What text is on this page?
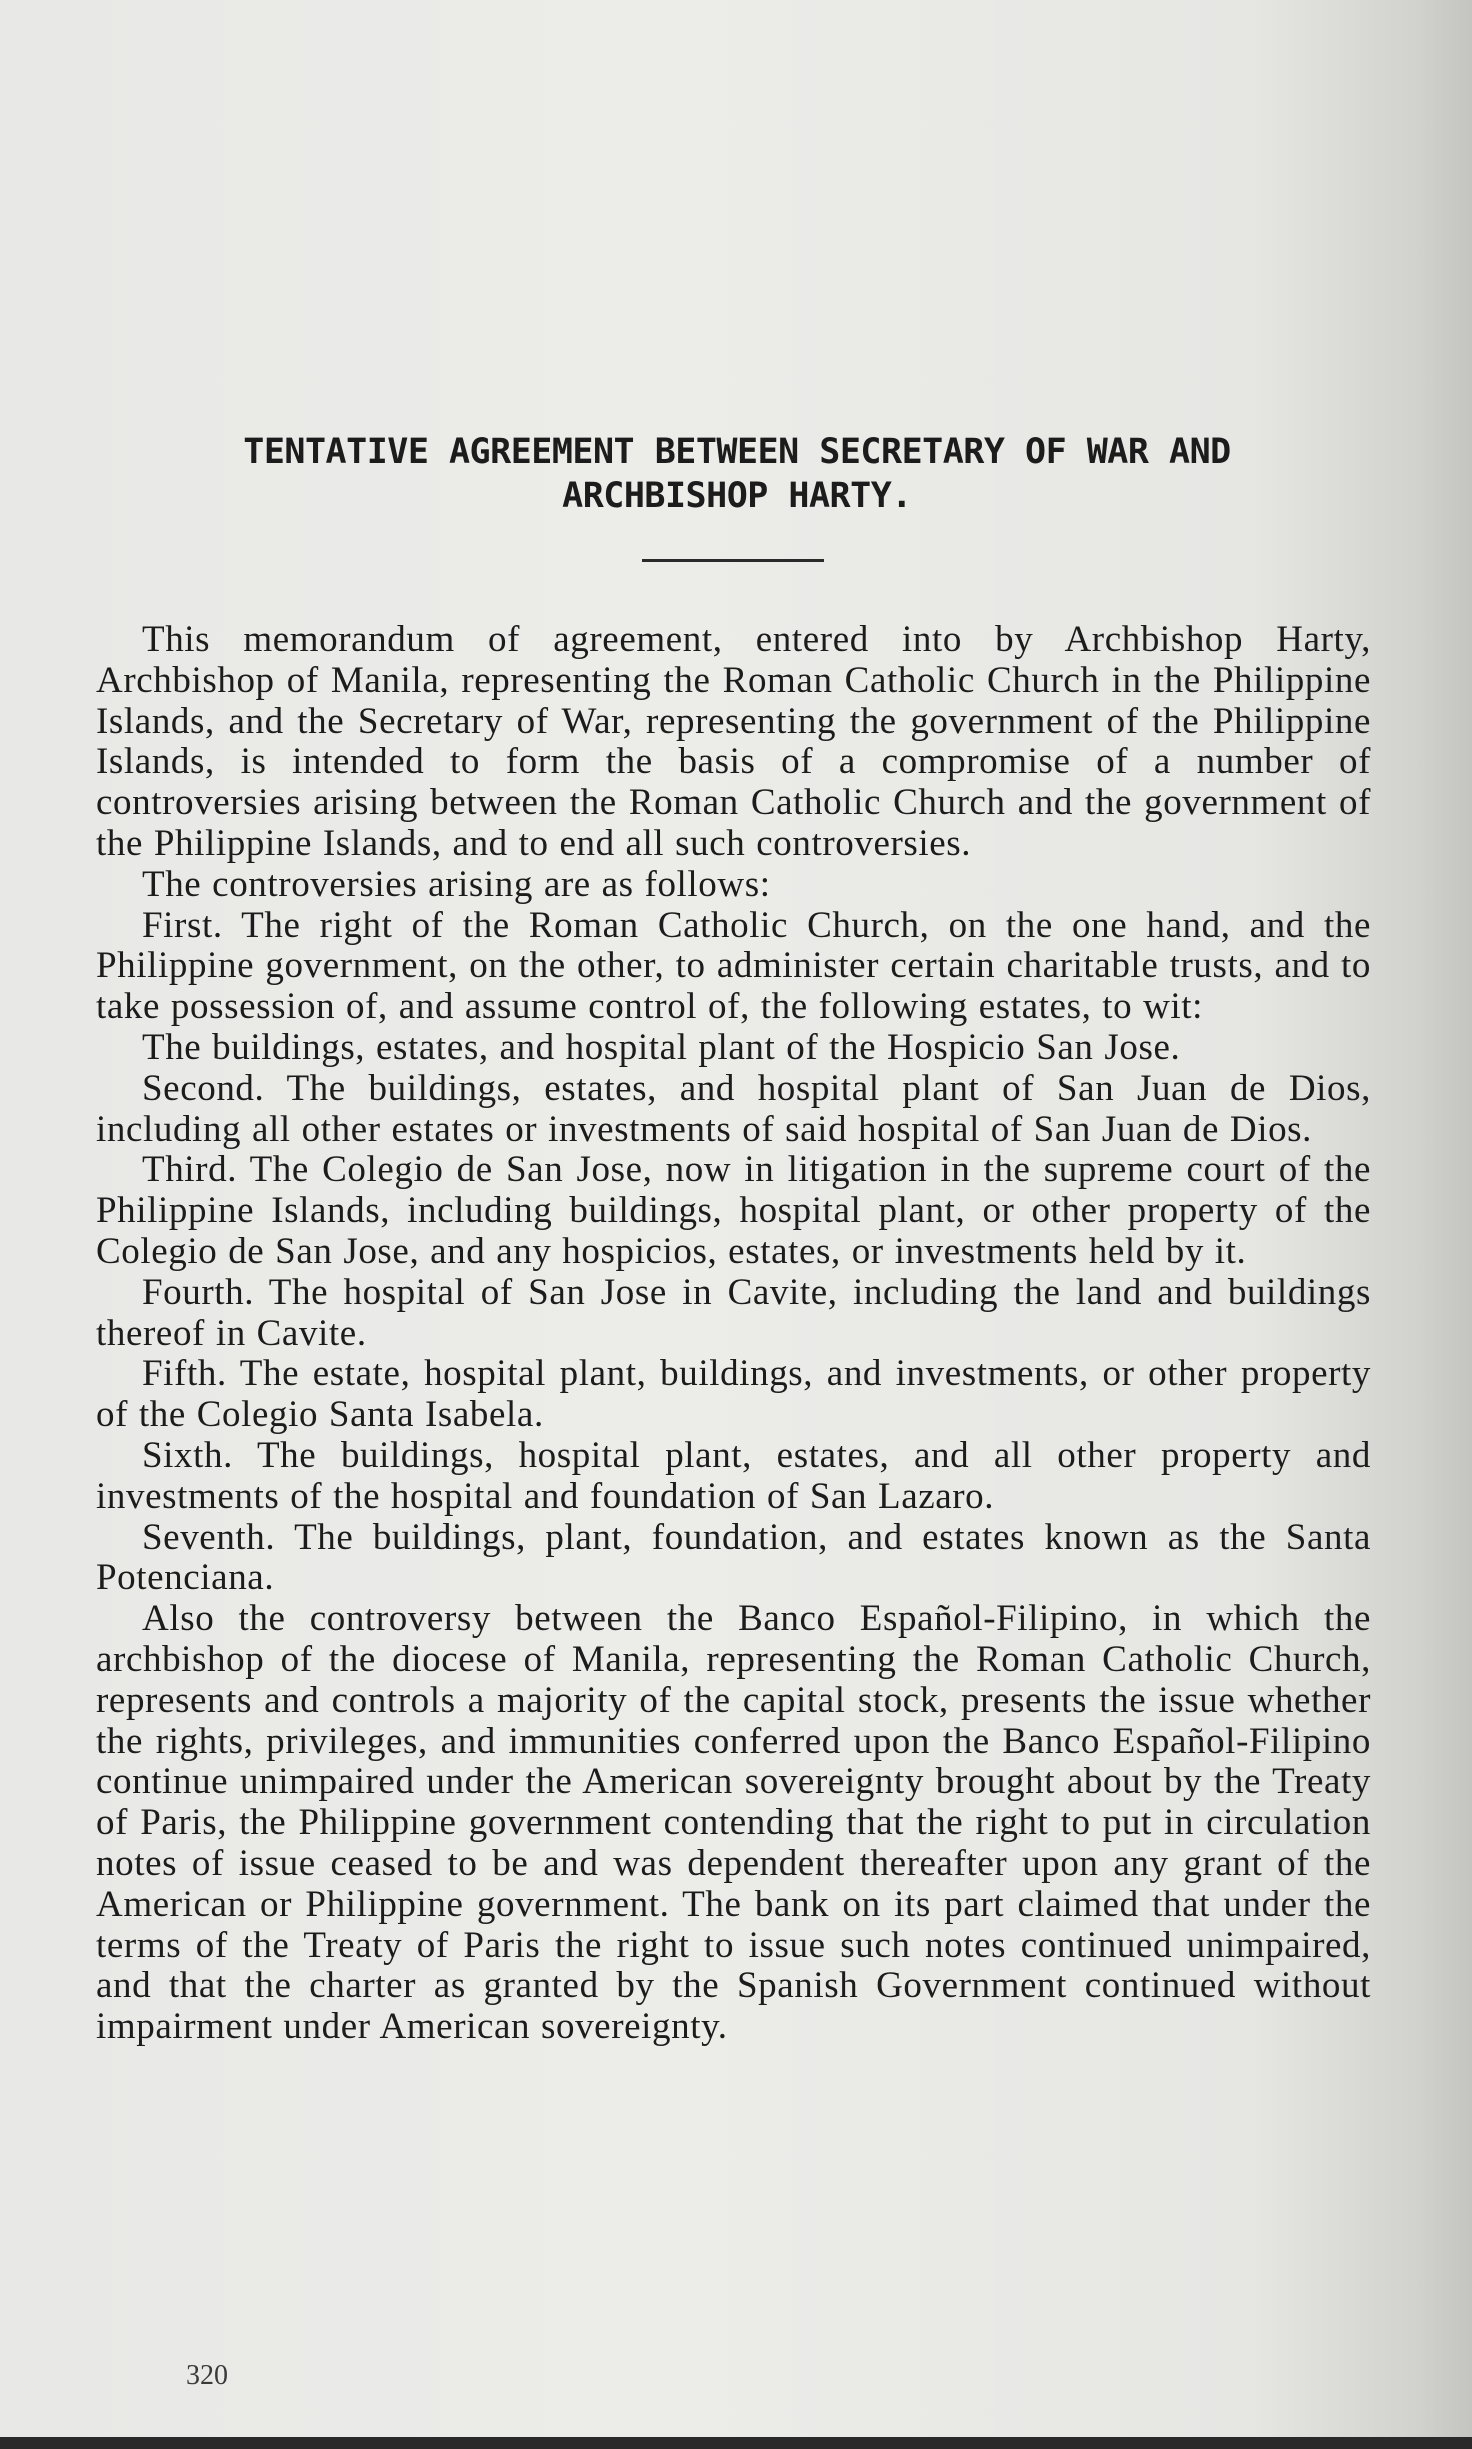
TENTATIVE AGREEMENT BETWEEN SECRETARY OF WAR AND
ARCHBISHOP HARTY.

This memorandum of agreement, entered into by Archbishop Harty, Archbishop of Manila, representing the Roman Catholic Church in the Philippine Islands, and the Secretary of War, representing the government of the Philippine Islands, is intended to form the basis of a compromise of a number of controversies arising between the Roman Catholic Church and the government of the Philippine Islands, and to end all such controversies.

The controversies arising are as follows:

First. The right of the Roman Catholic Church, on the one hand, and the Philippine government, on the other, to administer certain charitable trusts, and to take possession of, and assume control of, the following estates, to wit:

The buildings, estates, and hospital plant of the Hospicio San Jose.

Second. The buildings, estates, and hospital plant of San Juan de Dios, including all other estates or investments of said hospital of San Juan de Dios.

Third. The Colegio de San Jose, now in litigation in the supreme court of the Philippine Islands, including buildings, hospital plant, or other property of the Colegio de San Jose, and any hospicios, estates, or investments held by it.

Fourth. The hospital of San Jose in Cavite, including the land and buildings thereof in Cavite.

Fifth. The estate, hospital plant, buildings, and investments, or other property of the Colegio Santa Isabela.

Sixth. The buildings, hospital plant, estates, and all other property and investments of the hospital and foundation of San Lazaro.

Seventh. The buildings, plant, foundation, and estates known as the Santa Potenciana.

Also the controversy between the Banco Español-Filipino, in which the archbishop of the diocese of Manila, representing the Roman Catholic Church, represents and controls a majority of the capital stock, presents the issue whether the rights, privileges, and immunities conferred upon the Banco Español-Filipino continue unimpaired under the American sovereignty brought about by the Treaty of Paris, the Philippine government contending that the right to put in circulation notes of issue ceased to be and was dependent thereafter upon any grant of the American or Philippine government. The bank on its part claimed that under the terms of the Treaty of Paris the right to issue such notes continued unimpaired, and that the charter as granted by the Spanish Government continued without impairment under American sovereignty.

320
